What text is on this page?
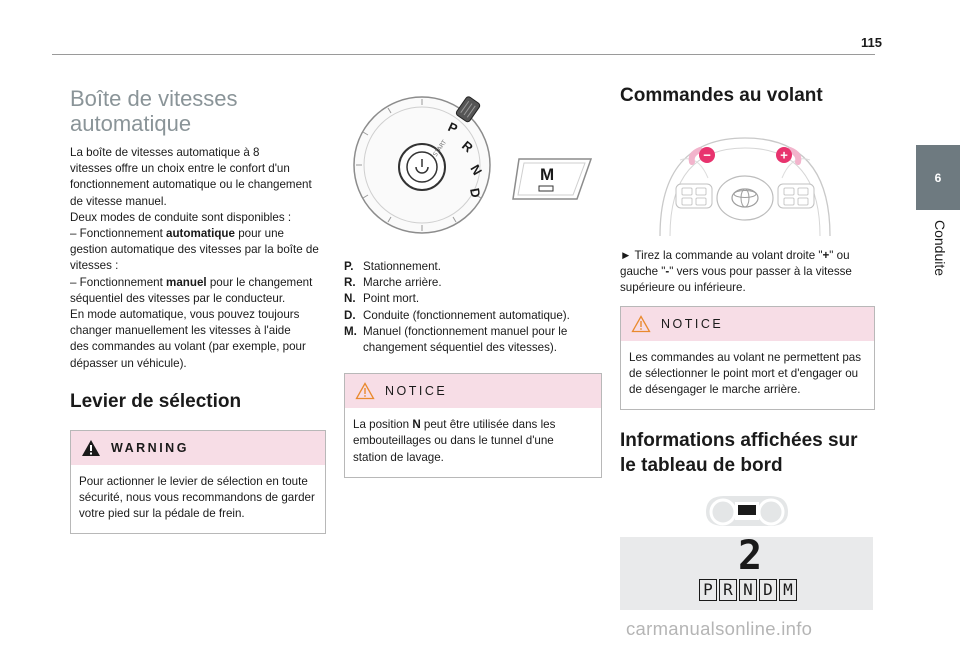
115
6
Conduite
Boîte de vitesses automatique

La boîte de vitesses automatique à 8
vitesses offre un choix entre le confort d'un
fonctionnement automatique ou le changement
de vitesse manuel.
Deux modes de conduite sont disponibles :
– Fonctionnement automatique pour une
gestion automatique des vitesses par la boîte de
vitesses :
– Fonctionnement manuel pour le changement
séquentiel des vitesses par le conducteur.
En mode automatique, vous pouvez toujours
changer manuellement les vitesses à l'aide
des commandes au volant (par exemple, pour
dépasser un véhicule).

Levier de sélection
WARNING
Pour actionner le levier de sélection en toute
sécurité, nous vous recommandons de garder
votre pied sur la pédale de frein.
START
P
R
N
D
M
P. Stationnement.
R. Marche arrière.
N. Point mort.
D. Conduite (fonctionnement automatique).
M. Manuel (fonctionnement manuel pour le
changement séquentiel des vitesses).
NOTICE
La position N peut être utilisée dans les
embouteillages ou dans le tunnel d'une
station de lavage.
Commandes au volant
−	+

► Tirez la commande au volant droite "+" ou
gauche "-" vers vous pour passer à la vitesse
supérieure ou inférieure.

NOTICE
Les commandes au volant ne permettent pas
de sélectionner le point mort et d'engager ou
de désengager le marche arrière.
Informations affichées sur le tableau de bord
2
P R N D M
carmanualsonline.info
